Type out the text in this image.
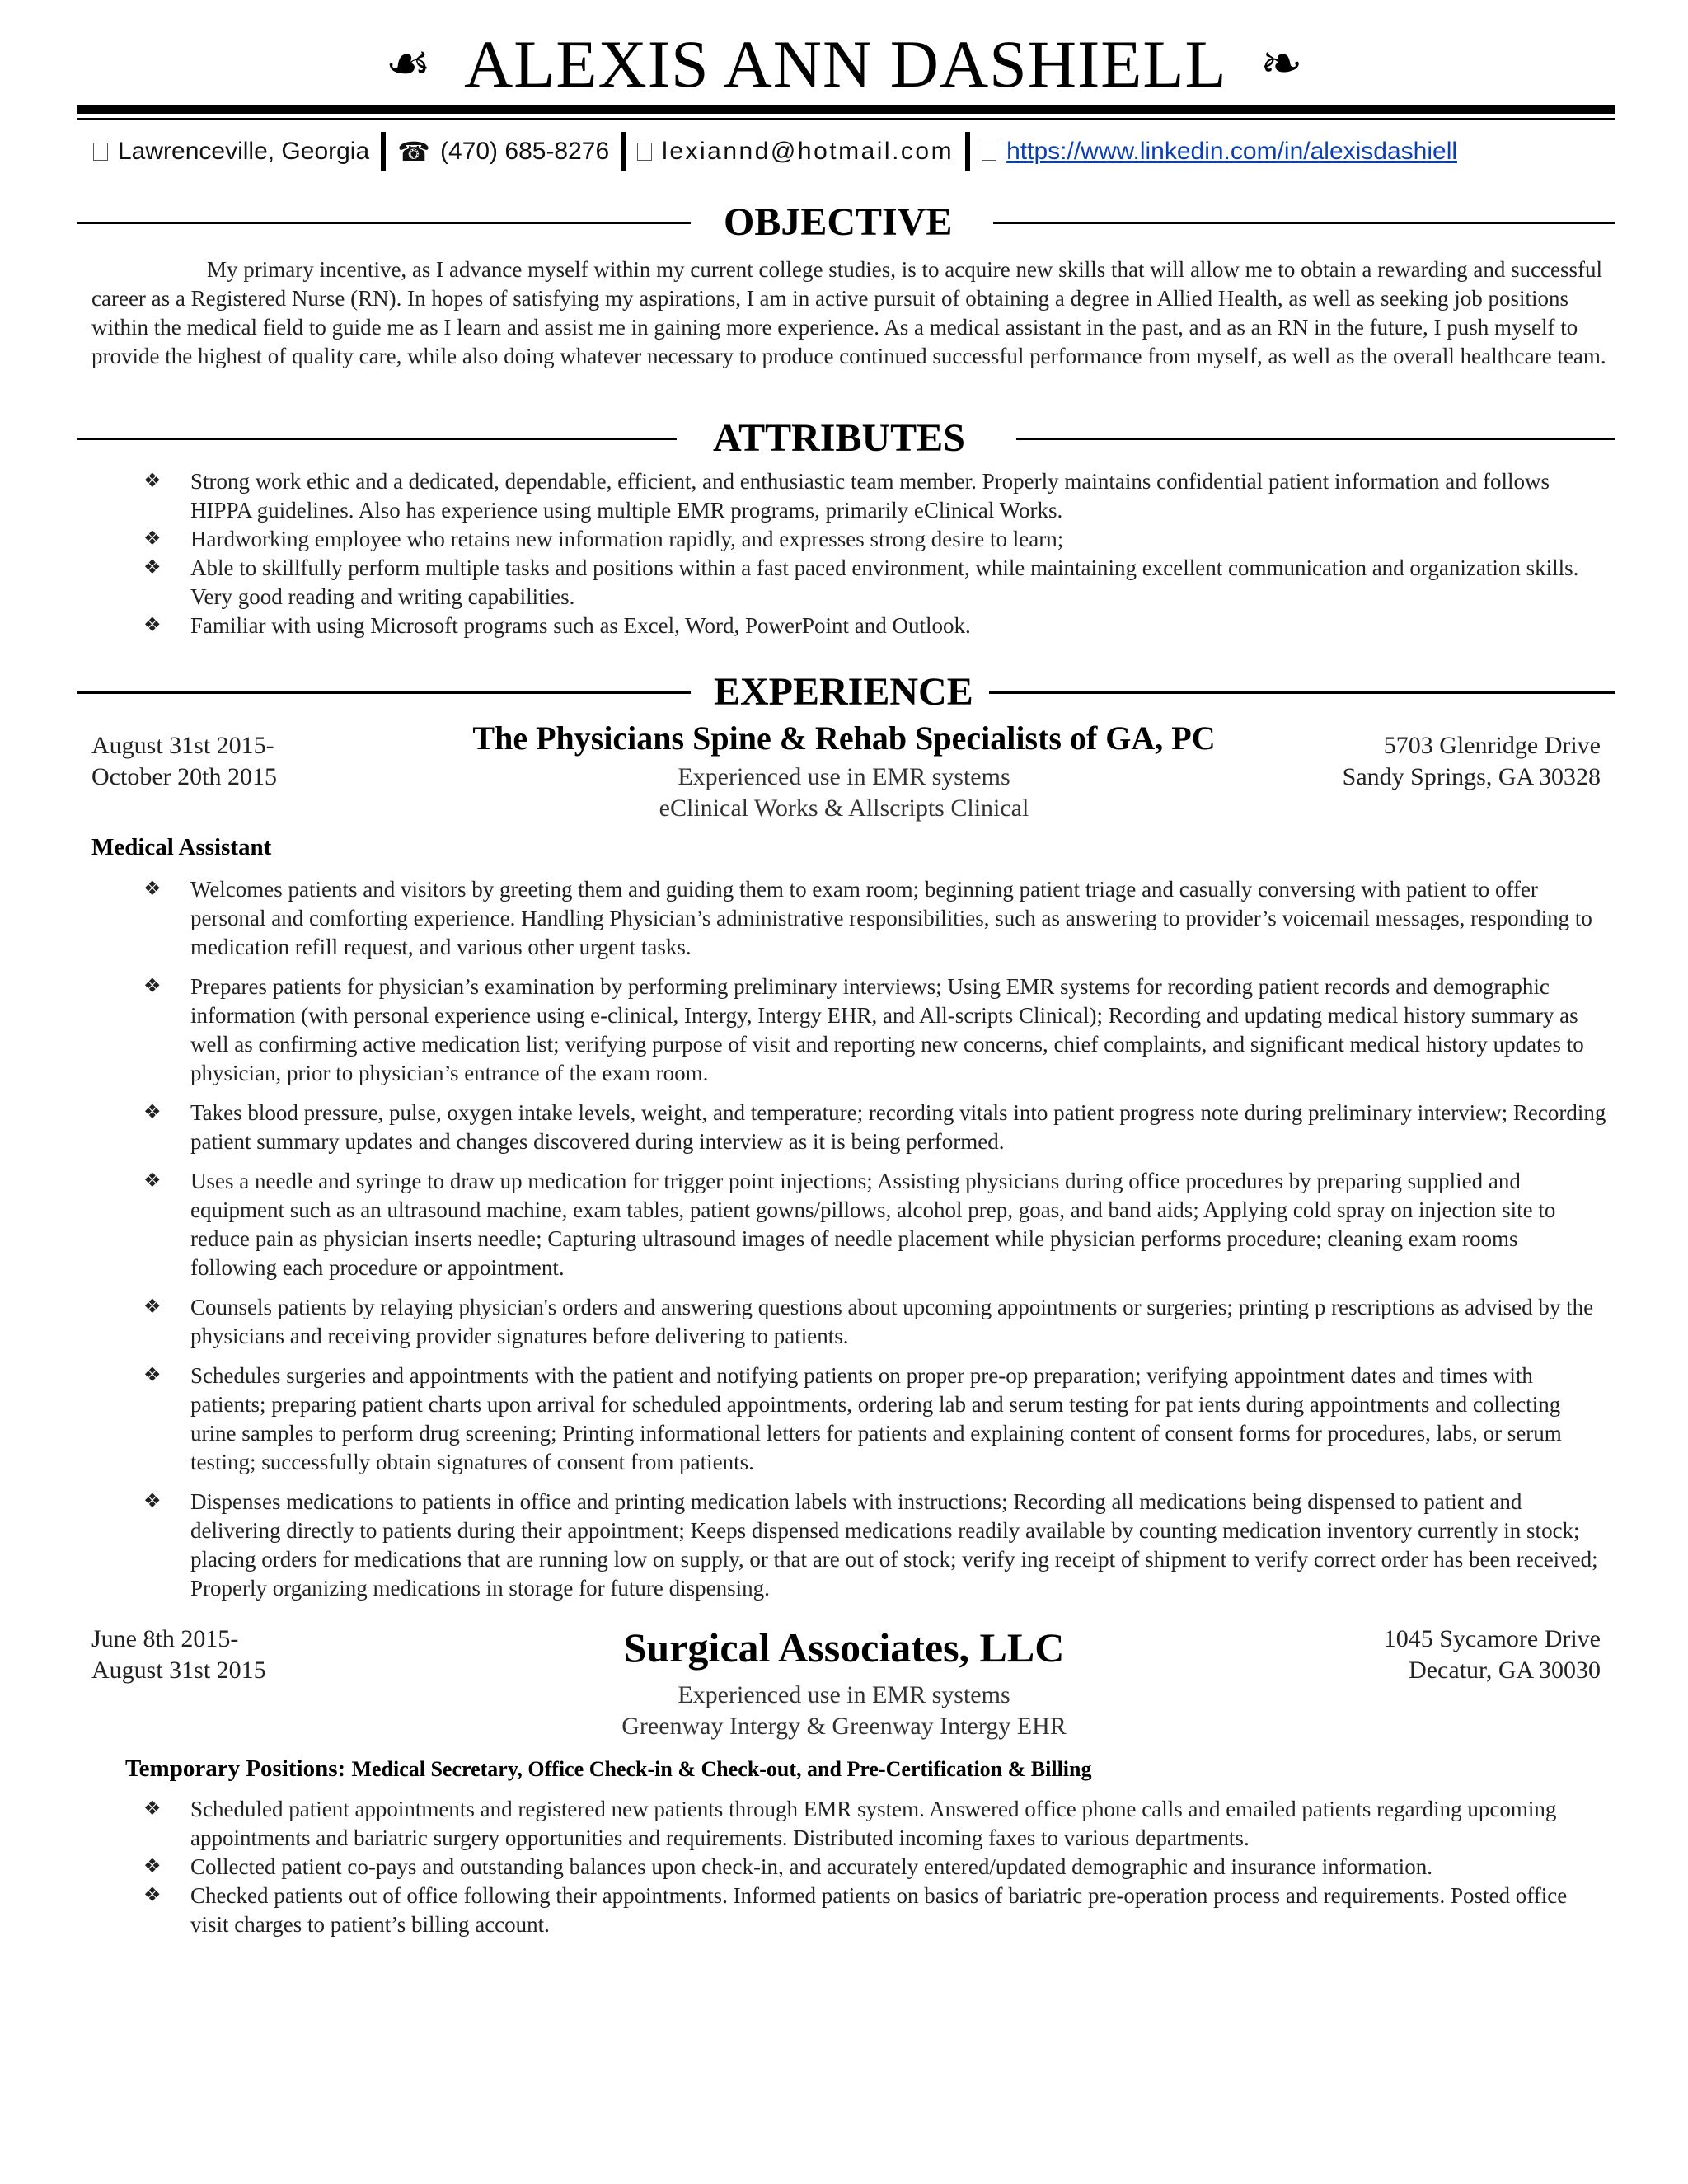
☙ ALEXIS ANN DASHIELL ❧
Lawrenceville, Georgia ☎ (470) 685-8276 lexiannd@hotmail.com https://www.linkedin.com/in/alexisdashiell
OBJECTIVE
My primary incentive, as I advance myself within my current college studies, is to acquire new skills that will allow me to obtain a rewarding and successful career as a Registered Nurse (RN). In hopes of satisfying my aspirations, I am in active pursuit of obtaining a degree in Allied Health, as well as seeking job positions within the medical field to guide me as I learn and assist me in gaining more experience. As a medical assistant in the past, and as an RN in the future, I push myself to provide the highest of quality care, while also doing whatever necessary to produce continued successful performance from myself, as well as the overall healthcare team.
ATTRIBUTES
❖ Strong work ethic and a dedicated, dependable, efficient, and enthusiastic team member. Properly maintains confidential patient information and follows HIPPA guidelines. Also has experience using multiple EMR programs, primarily eClinical Works.
❖ Hardworking employee who retains new information rapidly, and expresses strong desire to learn;
❖ Able to skillfully perform multiple tasks and positions within a fast paced environment, while maintaining excellent communication and organization skills. Very good reading and writing capabilities.
❖ Familiar with using Microsoft programs such as Excel, Word, PowerPoint and Outlook.
EXPERIENCE
August 31st 2015-
October 20th 2015
The Physicians Spine & Rehab Specialists of GA, PC
Experienced use in EMR systems
eClinical Works & Allscripts Clinical
5703 Glenridge Drive
Sandy Springs, GA 30328
Medical Assistant
❖ Welcomes patients and visitors by greeting them and guiding them to exam room; beginning patient triage and casually conversing with patient to offer personal and comforting experience. Handling Physician’s administrative responsibilities, such as answering to provider’s voicemail messages, responding to medication refill request, and various other urgent tasks.
❖ Prepares patients for physician’s examination by performing preliminary interviews; Using EMR systems for recording patient records and demographic information (with personal experience using e-clinical, Intergy, Intergy EHR, and All-scripts Clinical); Recording and updating medical history summary as well as confirming active medication list; verifying purpose of visit and reporting new concerns, chief complaints, and significant medical history updates to physician, prior to physician’s entrance of the exam room.
❖ Takes blood pressure, pulse, oxygen intake levels, weight, and temperature; recording vitals into patient progress note during preliminary interview; Recording patient summary updates and changes discovered during interview as it is being performed.
❖ Uses a needle and syringe to draw up medication for trigger point injections; Assisting physicians during office procedures by preparing supplied and equipment such as an ultrasound machine, exam tables, patient gowns/pillows, alcohol prep, goas, and band aids; Applying cold spray on injection site to reduce pain as physician inserts needle; Capturing ultrasound images of needle placement while physician performs procedure; cleaning exam rooms following each procedure or appointment.
❖ Counsels patients by relaying physician's orders and answering questions about upcoming appointments or surgeries; printing p rescriptions as advised by the physicians and receiving provider signatures before delivering to patients.
❖ Schedules surgeries and appointments with the patient and notifying patients on proper pre-op preparation; verifying appointment dates and times with patients; preparing patient charts upon arrival for scheduled appointments, ordering lab and serum testing for pat ients during appointments and collecting urine samples to perform drug screening; Printing informational letters for patients and explaining content of consent forms for procedures, labs, or serum testing; successfully obtain signatures of consent from patients.
❖ Dispenses medications to patients in office and printing medication labels with instructions; Recording all medications being dispensed to patient and delivering directly to patients during their appointment; Keeps dispensed medications readily available by counting medication inventory currently in stock; placing orders for medications that are running low on supply, or that are out of stock; verify ing receipt of shipment to verify correct order has been received; Properly organizing medications in storage for future dispensing.
June 8th 2015-
August 31st 2015	Surgical Associates, LLC
Experienced use in EMR systems
Greenway Intergy & Greenway Intergy EHR
1045 Sycamore Drive
Decatur, GA 30030
Temporary Positions: Medical Secretary, Office Check-in & Check-out, and Pre-Certification & Billing
❖ Scheduled patient appointments and registered new patients through EMR system. Answered office phone calls and emailed patients regarding upcoming appointments and bariatric surgery opportunities and requirements. Distributed incoming faxes to various departments.
❖ Collected patient co-pays and outstanding balances upon check-in, and accurately entered/updated demographic and insurance information.
❖ Checked patients out of office following their appointments. Informed patients on basics of bariatric pre-operation process and requirements. Posted office visit charges to patient’s billing account.
